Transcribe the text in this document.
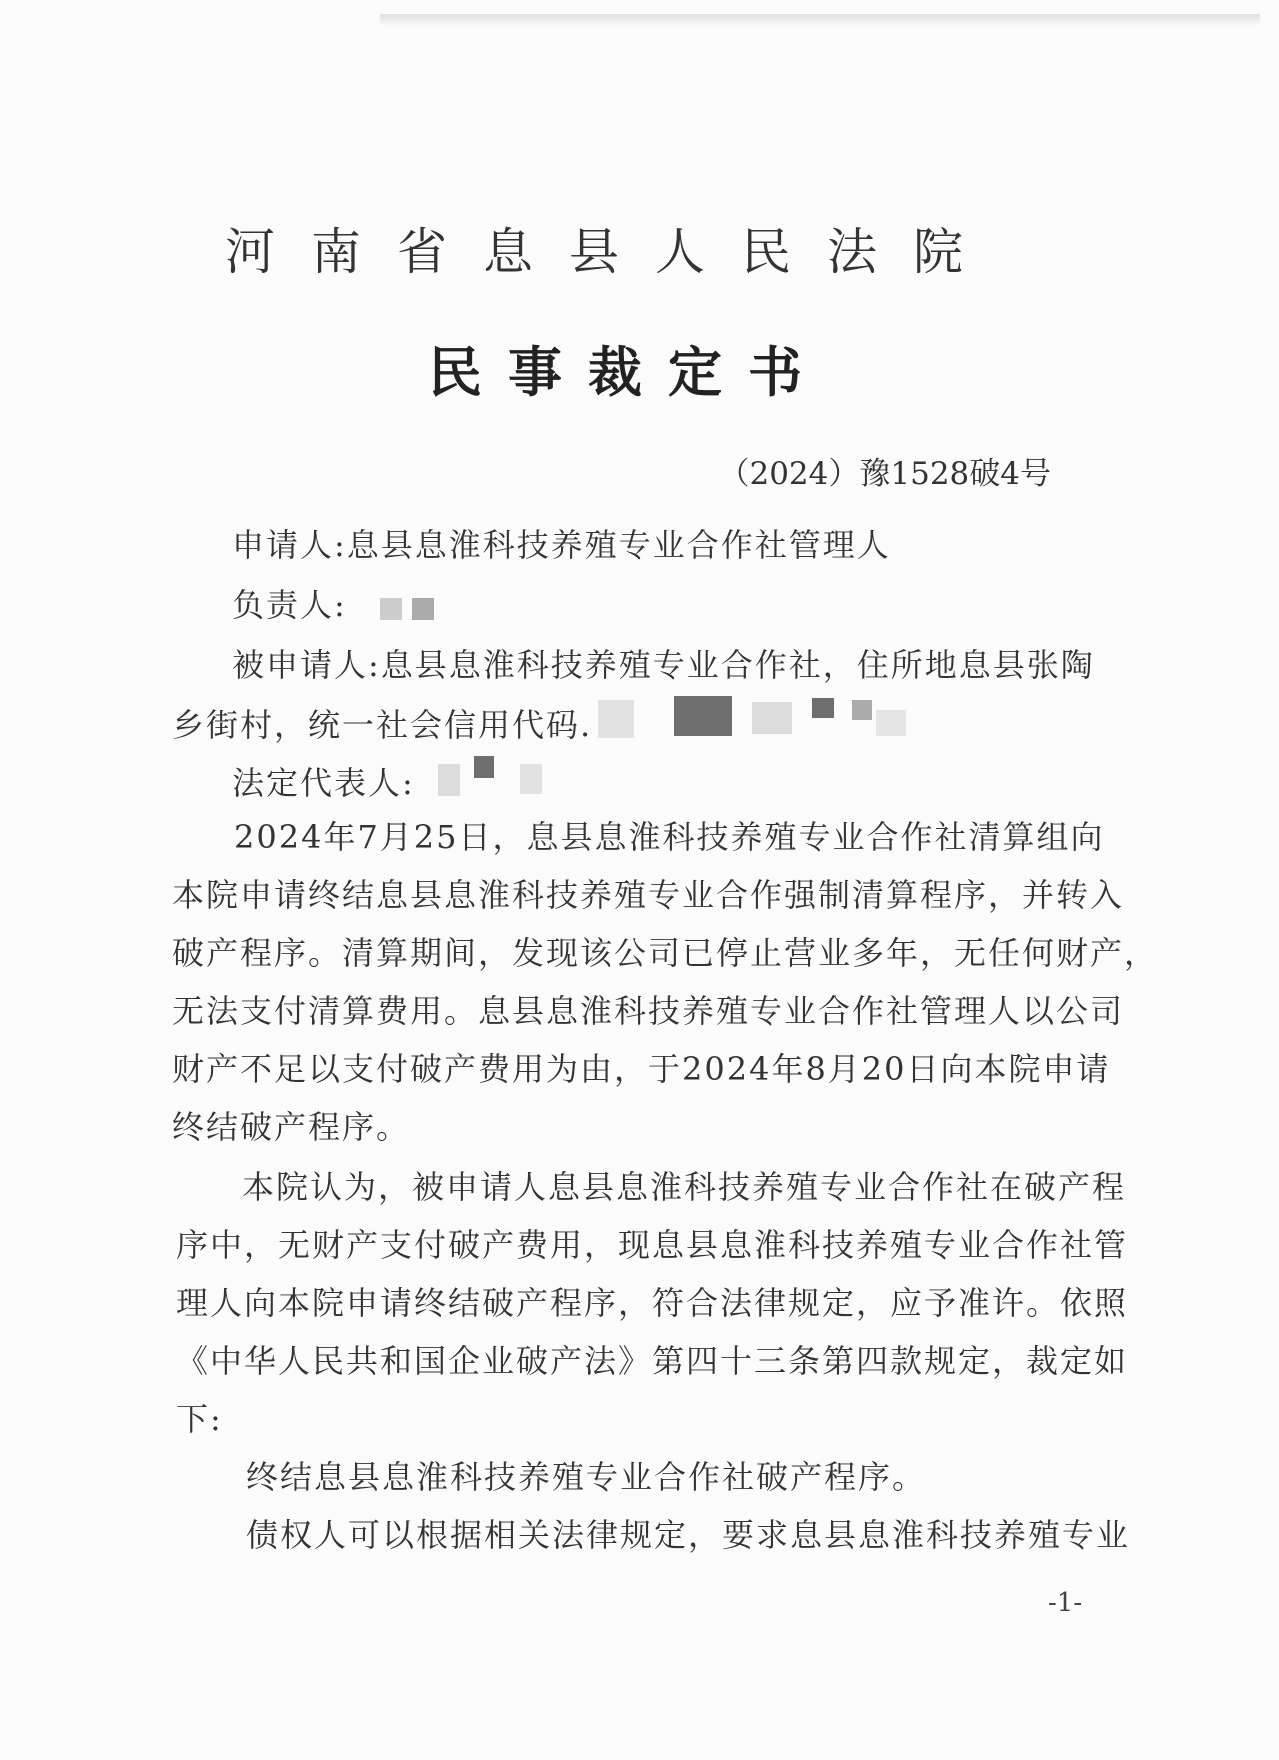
河南省息县人民法院
民事裁定书
（2024）豫1528破4号
申请人:息县息淮科技养殖专业合作社管理人
负责人:
被申请人:息县息淮科技养殖专业合作社，住所地息县张陶
乡街村，统一社会信用代码.
法定代表人:
2024年7月25日，息县息淮科技养殖专业合作社清算组向
本院申请终结息县息淮科技养殖专业合作强制清算程序，并转入
破产程序。清算期间，发现该公司已停止营业多年，无任何财产，
无法支付清算费用。息县息淮科技养殖专业合作社管理人以公司
财产不足以支付破产费用为由，于2024年8月20日向本院申请
终结破产程序。
本院认为，被申请人息县息淮科技养殖专业合作社在破产程
序中，无财产支付破产费用，现息县息淮科技养殖专业合作社管
理人向本院申请终结破产程序，符合法律规定，应予准许。依照
《中华人民共和国企业破产法》第四十三条第四款规定，裁定如
下:
终结息县息淮科技养殖专业合作社破产程序。
债权人可以根据相关法律规定，要求息县息淮科技养殖专业
-1-
